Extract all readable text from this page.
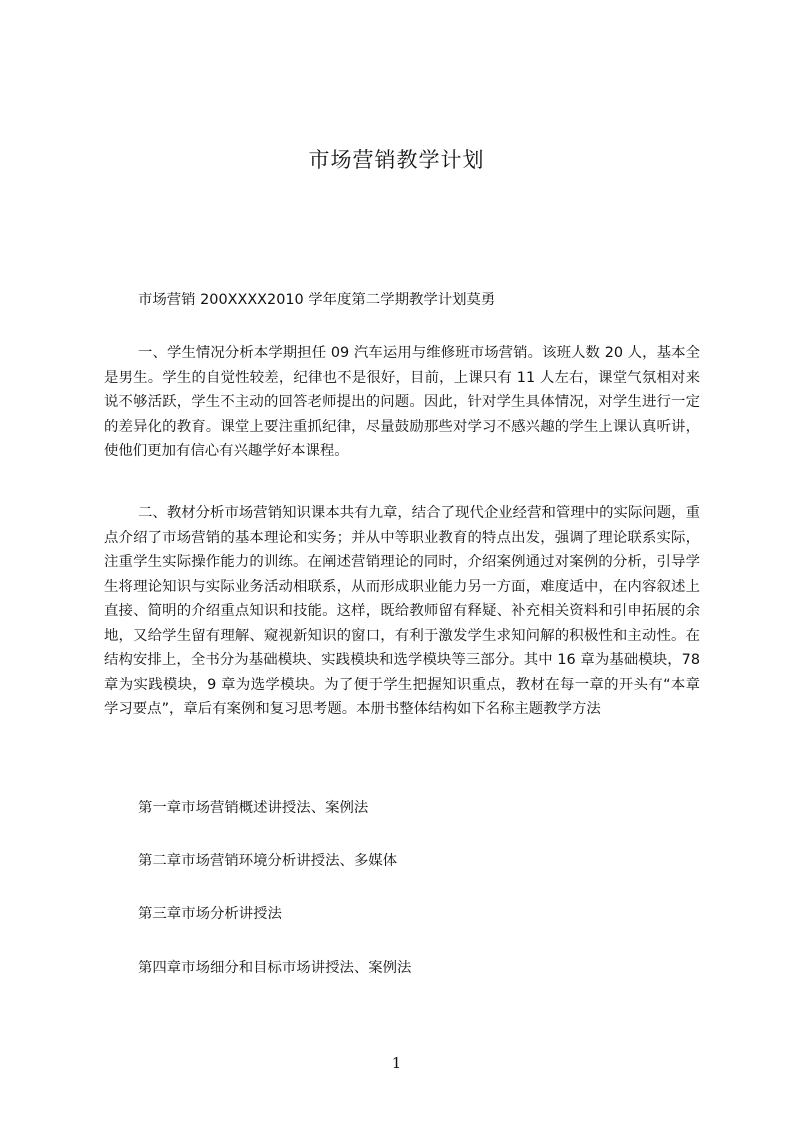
市场营销教学计划

市场营销 200XXXX2010 学年度第二学期教学计划莫勇

一、学生情况分析本学期担任 09 汽车运用与维修班市场营销。该班人数 20 人，基本全是男生。学生的自觉性较差，纪律也不是很好，目前，上课只有 11 人左右，课堂气氛相对来说不够活跃，学生不主动的回答老师提出的问题。因此，针对学生具体情况，对学生进行一定的差异化的教育。课堂上要注重抓纪律，尽量鼓励那些对学习不感兴趣的学生上课认真听讲，使他们更加有信心有兴趣学好本课程。

二、教材分析市场营销知识课本共有九章，结合了现代企业经营和管理中的实际问题，重点介绍了市场营销的基本理论和实务；并从中等职业教育的特点出发，强调了理论联系实际，注重学生实际操作能力的训练。在阐述营销理论的同时，介绍案例通过对案例的分析，引导学生将理论知识与实际业务活动相联系，从而形成职业能力另一方面，难度适中，在内容叙述上直接、简明的介绍重点知识和技能。这样，既给教师留有释疑、补充相关资料和引申拓展的余地，又给学生留有理解、窥视新知识的窗口，有利于激发学生求知问解的积极性和主动性。在结构安排上，全书分为基础模块、实践模块和选学模块等三部分。其中 16 章为基础模块，78 章为实践模块，9 章为选学模块。为了便于学生把握知识重点，教材在每一章的开头有“本章学习要点”，章后有案例和复习思考题。本册书整体结构如下名称主题教学方法

第一章市场营销概述讲授法、案例法

第二章市场营销环境分析讲授法、多媒体

第三章市场分析讲授法

第四章市场细分和目标市场讲授法、案例法

1
